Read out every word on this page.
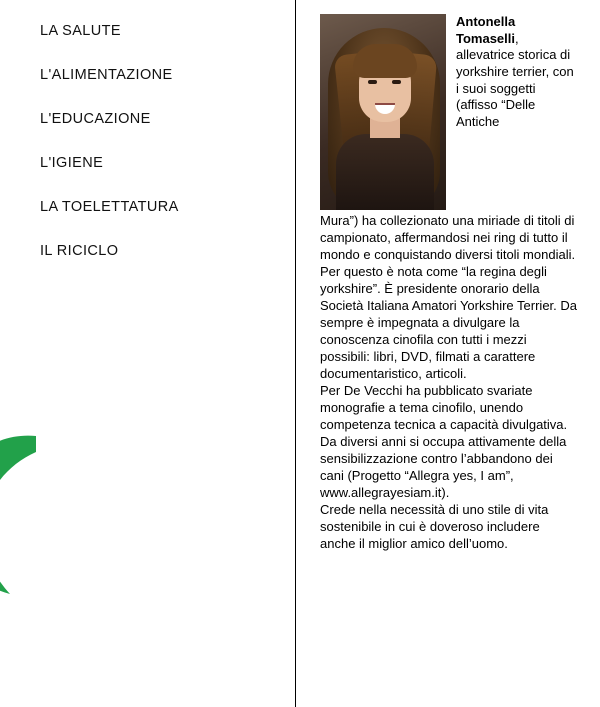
LA SALUTE
L'ALIMENTAZIONE
L'EDUCAZIONE
L'IGIENE
LA TOELETTATURA
IL RICICLO
Antonella Tomaselli, allevatrice storica di yorkshire terrier, con i suoi soggetti (affisso “Delle Antiche

Mura”) ha collezionato una miriade di titoli di campionato, affermandosi nei ring di tutto il mondo e conquistando diversi titoli mondiali. Per questo è nota come “la regina degli yorkshire”. È presidente onorario della Società Italiana Amatori Yorkshire Terrier. Da sempre è impegnata a divulgare la conoscenza cinofila con tutti i mezzi possibili: libri, DVD, filmati a carattere documentaristico, articoli.

Per De Vecchi ha pubblicato svariate monografie a tema cinofilo, unendo competenza tecnica a capacità divulgativa.

Da diversi anni si occupa attivamente della sensibilizzazione contro l’abbandono dei cani (Progetto “Allegra yes, I am”, www.allegrayesiam.it).

Crede nella necessità di uno stile di vita sostenibile in cui è doveroso includere anche il miglior amico dell’uomo.
